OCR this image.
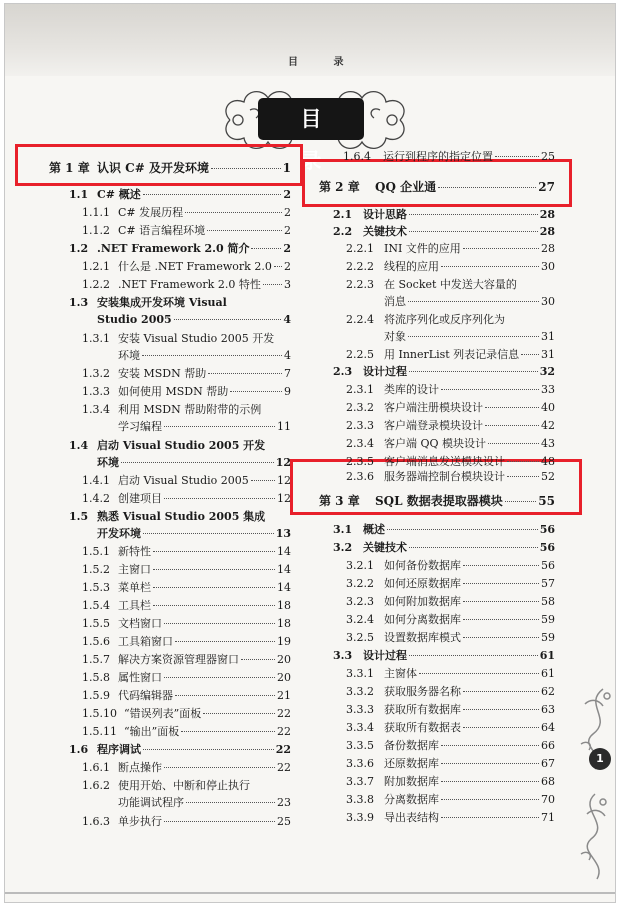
目 录
目 录
第 1 章 认识 C# 及开发环境	1
1.1 C# 概述	2
1.1.1 C# 发展历程	2
1.1.2 C# 语言编程环境	2
1.2 .NET Framework 2.0 简介	2
1.2.1 什么是 .NET Framework 2.0 2
1.2.2 .NET Framework 2.0 特性 3
1.3 安装集成开发环境 Visual
Studio 2005	4
1.3.1 安装 Visual Studio 2005 开发
环境	4
1.3.2 安装 MSDN 帮助	7
1.3.3 如何使用 MSDN 帮助	9
1.3.4 利用 MSDN 帮助附带的示例
学习编程	11
1.4 启动 Visual Studio 2005 开发
环境	12
1.4.1 启动 Visual Studio 2005	12
1.4.2 创建项目	12
1.5 熟悉 Visual Studio 2005 集成
开发环境	13
1.5.1 新特性	14
1.5.2 主窗口	14
1.5.3 菜单栏	14
1.5.4 工具栏	18
1.5.5 文档窗口	18
1.5.6 工具箱窗口	19
1.5.7 解决方案资源管理器窗口	20
1.5.8 属性窗口	20
1.5.9 代码编辑器	21
1.5.10 “错误列表”面板	22
1.5.11 “输出”面板	22
1.6 程序调试	22
1.6.1 断点操作	22
1.6.2 使用开始、中断和停止执行
功能调试程序	23
1.6.3 单步执行	25
1.6.4	运行到程序的指定位置	25
第 2 章	QQ 企业通	27
2.1 设计思路	28
2.2 关键技术	28
2.2.1 INI 文件的应用	28
2.2.2 线程的应用	30
2.2.3 在 Socket 中发送大容量的
消息	30
2.2.4 将流序列化或反序列化为
对象	31
2.2.5 用 InnerList 列表记录信息 31
2.3 设计过程	32
2.3.1 类库的设计	33
2.3.2 客户端注册模块设计	40
2.3.3 客户端登录模块设计	42
2.3.4 客户端 QQ 模块设计	43
2.3.5 客户端消息发送模块设计	48
2.3.6 服务器端控制台模块设计	52
第 3 章	SQL 数据表提取器模块	55
3.1 概述	56
3.2 关键技术	56
3.2.1 如何备份数据库	56
3.2.2 如何还原数据库	57
3.2.3 如何附加数据库	58
3.2.4 如何分离数据库	59
3.2.5 设置数据库模式	59
3.3 设计过程	61
3.3.1 主窗体	61
3.3.2 获取服务器名称	62
3.3.3 获取所有数据库	63
3.3.4 获取所有数据表	64
3.3.5 备份数据库	66
3.3.6 还原数据库	67
3.3.7 附加数据库	68
3.3.8 分离数据库	70
3.3.9 导出表结构	71
1
